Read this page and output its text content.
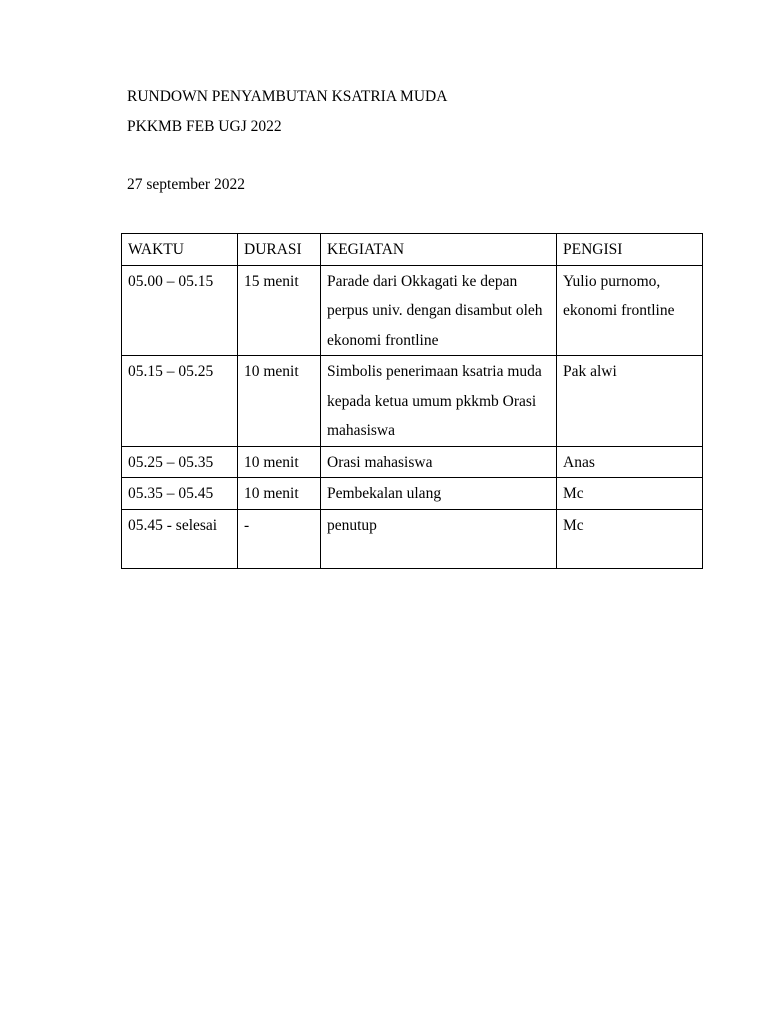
RUNDOWN PENYAMBUTAN KSATRIA MUDA
PKKMB FEB UGJ 2022
27 september 2022
WAKTU	DURASI	KEGIATAN	PENGISI
05.00 – 05.15	15 menit	Parade dari Okkagati ke depan perpus univ. dengan disambut oleh ekonomi frontline	Yulio purnomo, ekonomi frontline
05.15 – 05.25	10 menit	Simbolis penerimaan ksatria muda kepada ketua umum pkkmb Orasi mahasiswa	Pak alwi
05.25 – 05.35	10 menit	Orasi mahasiswa	Anas
05.35 – 05.45	10 menit	Pembekalan ulang	Mc
05.45 - selesai	-	penutup	Mc
